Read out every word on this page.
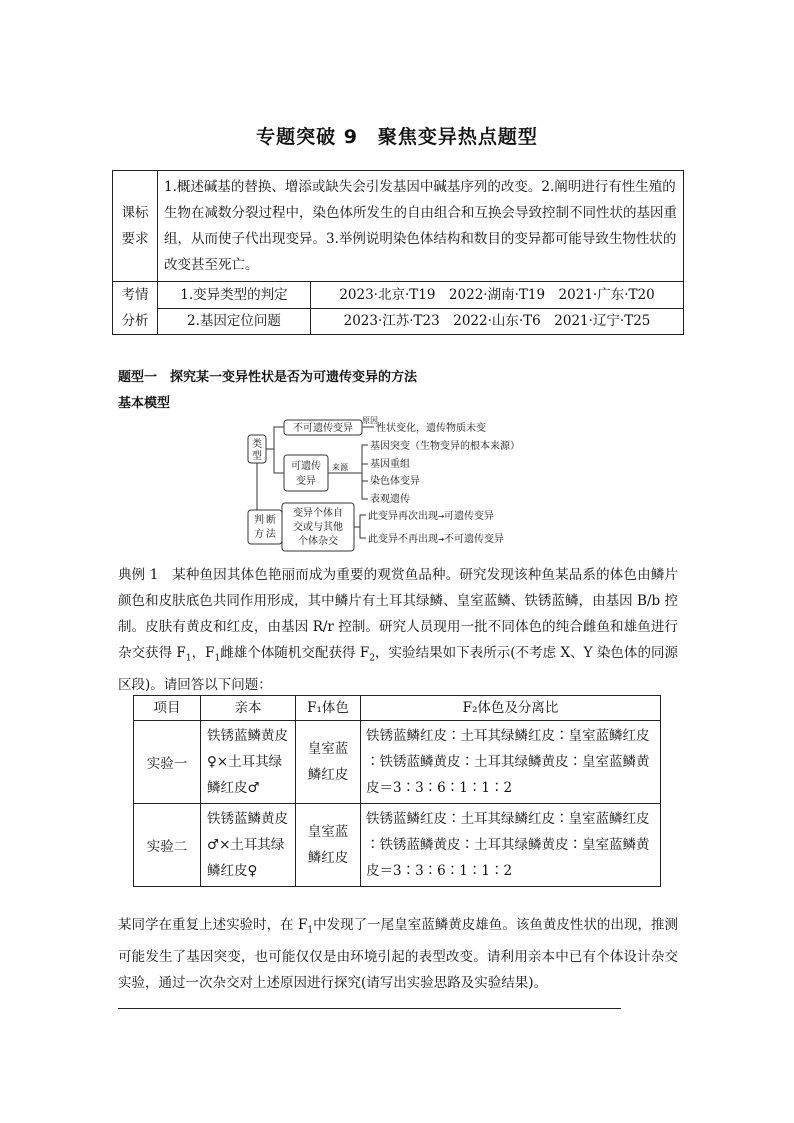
专题突破 9　聚焦变异热点题型
课标
要求	1.概述碱基的替换、增添或缺失会引发基因中碱基序列的改变。2.阐明进行有性生殖的生物在减数分裂过程中，染色体所发生的自由组合和互换会导致控制不同性状的基因重组，从而使子代出现变异。3.举例说明染色体结构和数目的变异都可能导致生物性状的改变甚至死亡。	

考情
分析	1.变异类型的判定	2023·北京·T19　2022·湖南·T19　2021·广东·T20
	2.基因定位问题	2023·江苏·T23　2022·山东·T6　2021·辽宁·T25
题型一　探究某一变异性状是否为可遗传变异的方法
基本模型
类
型
判 断
方 法
不可遗传变异
可遗传
变异
变异个体自
交或与其他
个体杂交
原因
性状变化，遗传物质未变
来源
基因突变（生物变异的根本来源）
基因重组
染色体变异
表观遗传
此变异再次出现→可遗传变异
此变异不再出现→不可遗传变异
典例 1　某种鱼因其体色艳丽而成为重要的观赏鱼品种。研究发现该种鱼某品系的体色由鳞片颜色和皮肤底色共同作用形成，其中鳞片有土耳其绿鳞、皇室蓝鳞、铁锈蓝鳞，由基因 B/b 控制。皮肤有黄皮和红皮，由基因 R/r 控制。研究人员现用一批不同体色的纯合雌鱼和雄鱼进行杂交获得 $F_1$，$F_1$雌雄个体随机交配获得 $F_2$，实验结果如下表所示(不考虑 X、Y 染色体的同源区段)。请回答以下问题：
项目	亲本	F₁体色	F₂体色及分离比
实验一	铁锈蓝鳞黄皮♀×土耳其绿鳞红皮♂	皇室蓝鳞红皮	铁锈蓝鳞红皮∶土耳其绿鳞红皮∶皇室蓝鳞红皮∶铁锈蓝鳞黄皮∶土耳其绿鳞黄皮∶皇室蓝鳞黄皮＝3∶3∶6∶1∶1∶2
实验二	铁锈蓝鳞黄皮♂×土耳其绿鳞红皮♀	皇室蓝鳞红皮	铁锈蓝鳞红皮∶土耳其绿鳞红皮∶皇室蓝鳞红皮∶铁锈蓝鳞黄皮∶土耳其绿鳞黄皮∶皇室蓝鳞黄皮＝3∶3∶6∶1∶1∶2
某同学在重复上述实验时，在 $F_1$中发现了一尾皇室蓝鳞黄皮雄鱼。该鱼黄皮性状的出现，推测可能发生了基因突变，也可能仅仅是由环境引起的表型改变。请利用亲本中已有个体设计杂交实验，通过一次杂交对上述原因进行探究(请写出实验思路及实验结果)。
